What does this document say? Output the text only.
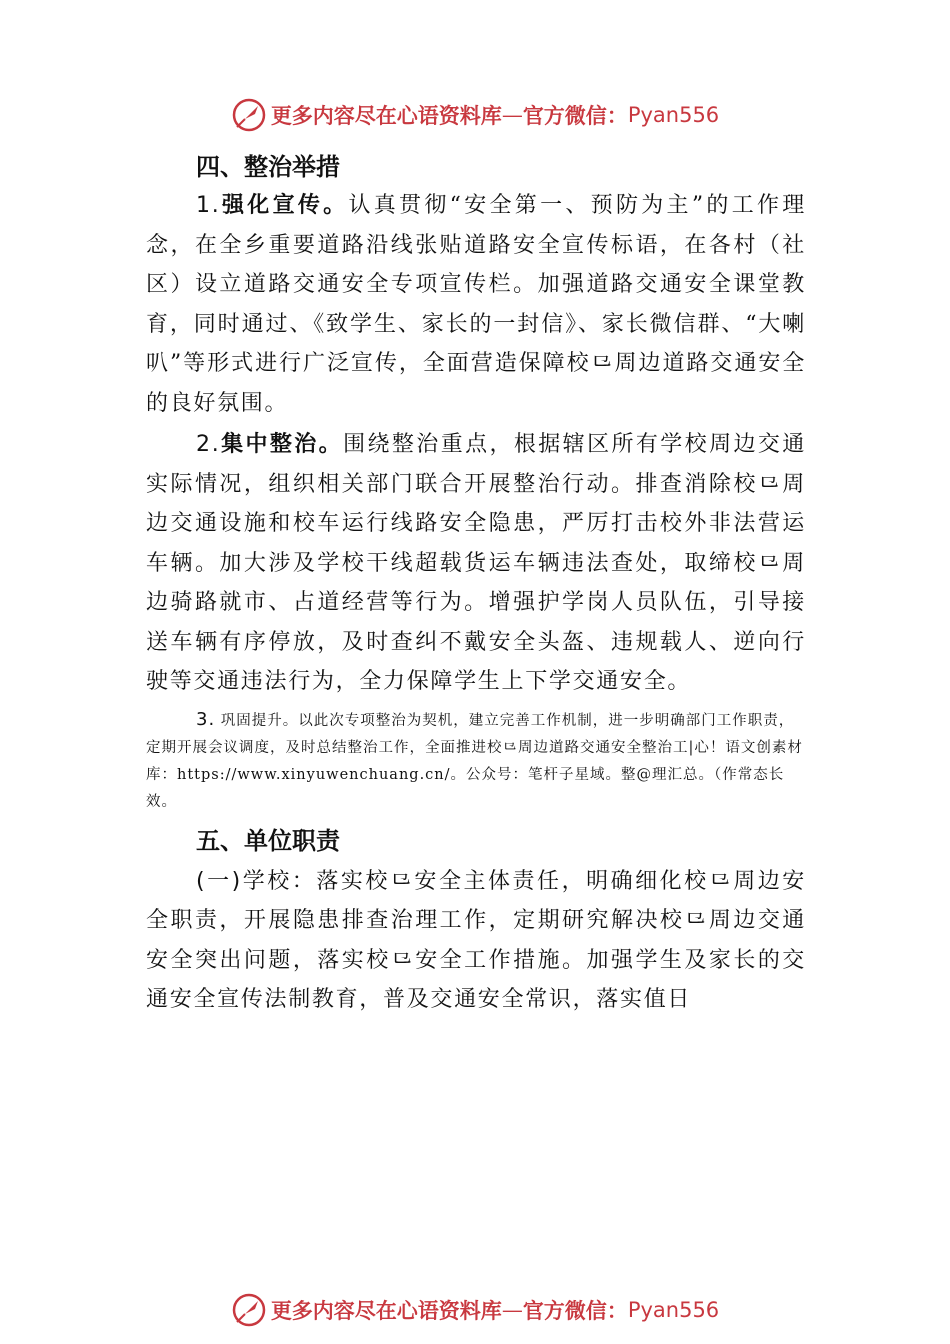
更多内容尽在心语资料库 — 官方微信： Pyan556

四、整治举措

1.强化宣传。认真贯彻“安全第一、预防为主”的工作理念，在全乡重要道路沿线张贴道路安全宣传标语，在各村（社区）设立道路交通安全专项宣传栏。加强道路交通安全课堂教育，同时通过、《致学生、家长的一封信》、家长微信群、“大喇叭”等形式进行广泛宣传，全面营造保障校⺋周边道路交通安全的良好氛围。

2.集中整治。围绕整治重点，根据辖区所有学校周边交通实际情况，组织相关部门联合开展整治行动。排查消除校⺋周边交通设施和校车运行线路安全隐患，严厉打击校外非法营运车辆。加大涉及学校干线超载货运车辆违法查处，取缔校⺋周边骑路就市、占道经营等行为。增强护学岗人员队伍，引导接送车辆有序停放，及时查纠不戴安全头盔、违规载人、逆向行驶等交通违法行为，全力保障学生上下学交通安全。

3. 巩固提升。以此次专项整治为契机，建立完善工作机制，进一步明确部门工作职责，定期开展会议调度，及时总结整治工作，全面推进校⺋周边道路交通安全整治工|心！语文创素材库：https://www.xinyuwenchuang.cn/。公众号：笔杆子星域。整@理汇总。（作常态长效。

五、单位职责

(一)学校：落实校⺋安全主体责任，明确细化校⺋周边安全职责，开展隐患排查治理工作，定期研究解决校⺋周边交通安全突出问题，落实校⺋安全工作措施。加强学生及家长的交通安全宣传法制教育，普及交通安全常识，落实值日

更多内容尽在心语资料库 — 官方微信： Pyan556
